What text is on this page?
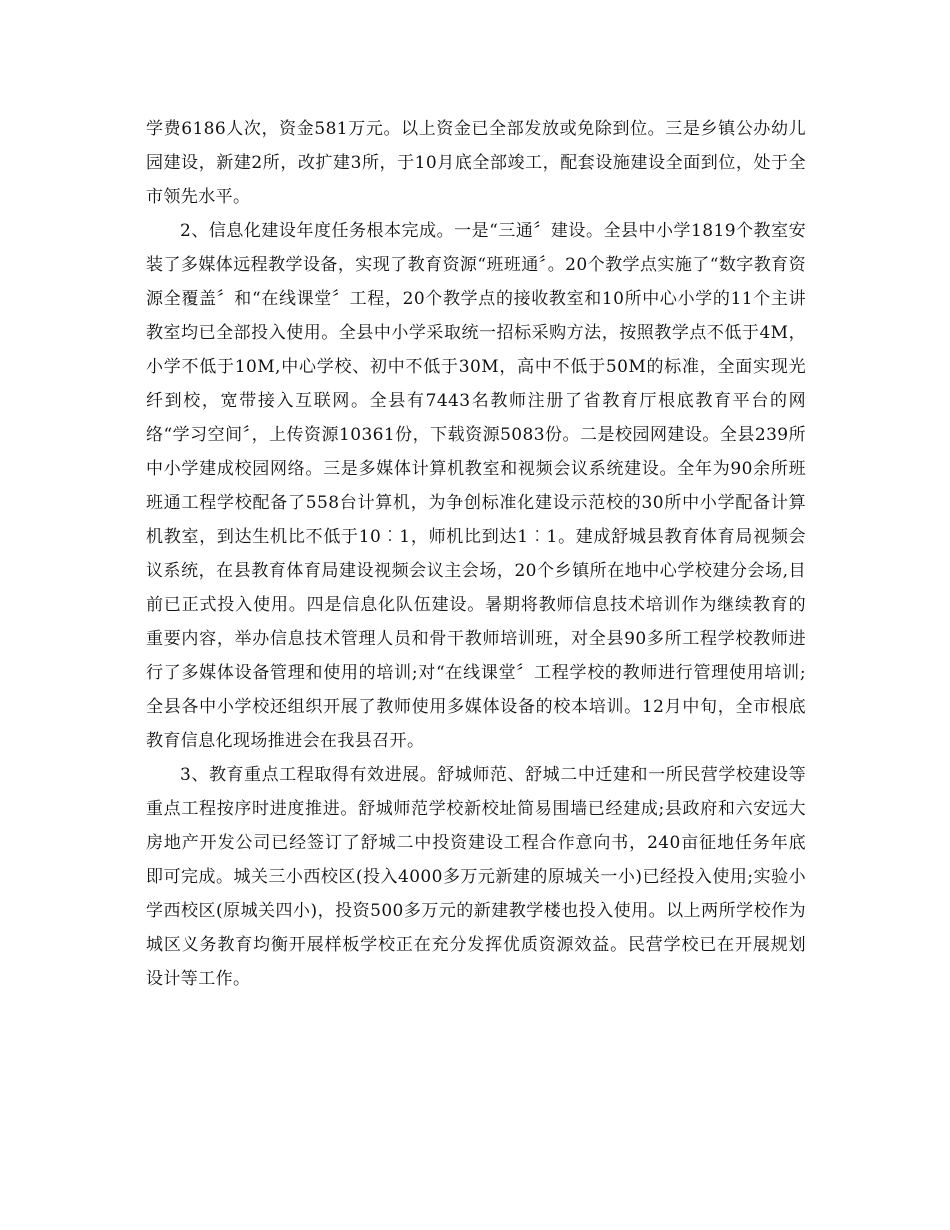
学费6186人次，资金581万元。以上资金已全部发放或免除到位。三是乡镇公办幼儿园建设，新建2所，改扩建3所，于10月底全部竣工，配套设施建设全面到位，处于全市领先水平。

2、信息化建设年度任务根本完成。一是“三通〞建设。全县中小学1819个教室安装了多媒体远程教学设备，实现了教育资源“班班通〞。20个教学点实施了“数字教育资源全覆盖〞和“在线课堂〞工程，20个教学点的接收教室和10所中心小学的11个主讲教室均已全部投入使用。全县中小学采取统一招标采购方法，按照教学点不低于4M，小学不低于10M,中心学校、初中不低于30M，高中不低于50M的标准，全面实现光纤到校，宽带接入互联网。全县有7443名教师注册了省教育厅根底教育平台的网络“学习空间〞，上传资源10361份，下载资源5083份。二是校园网建设。全县239所中小学建成校园网络。三是多媒体计算机教室和视频会议系统建设。全年为90余所班班通工程学校配备了558台计算机，为争创标准化建设示范校的30所中小学配备计算机教室，到达生机比不低于10︰1，师机比到达1︰1。建成舒城县教育体育局视频会议系统，在县教育体育局建设视频会议主会场，20个乡镇所在地中心学校建分会场,目前已正式投入使用。四是信息化队伍建设。暑期将教师信息技术培训作为继续教育的重要内容，举办信息技术管理人员和骨干教师培训班，对全县90多所工程学校教师进行了多媒体设备管理和使用的培训;对“在线课堂〞工程学校的教师进行管理使用培训;全县各中小学校还组织开展了教师使用多媒体设备的校本培训。12月中旬，全市根底教育信息化现场推进会在我县召开。

3、教育重点工程取得有效进展。舒城师范、舒城二中迁建和一所民营学校建设等重点工程按序时进度推进。舒城师范学校新校址简易围墙已经建成;县政府和六安远大房地产开发公司已经签订了舒城二中投资建设工程合作意向书，240亩征地任务年底即可完成。城关三小西校区(投入4000多万元新建的原城关一小)已经投入使用;实验小学西校区(原城关四小)，投资500多万元的新建教学楼也投入使用。以上两所学校作为城区义务教育均衡开展样板学校正在充分发挥优质资源效益。民营学校已在开展规划设计等工作。
